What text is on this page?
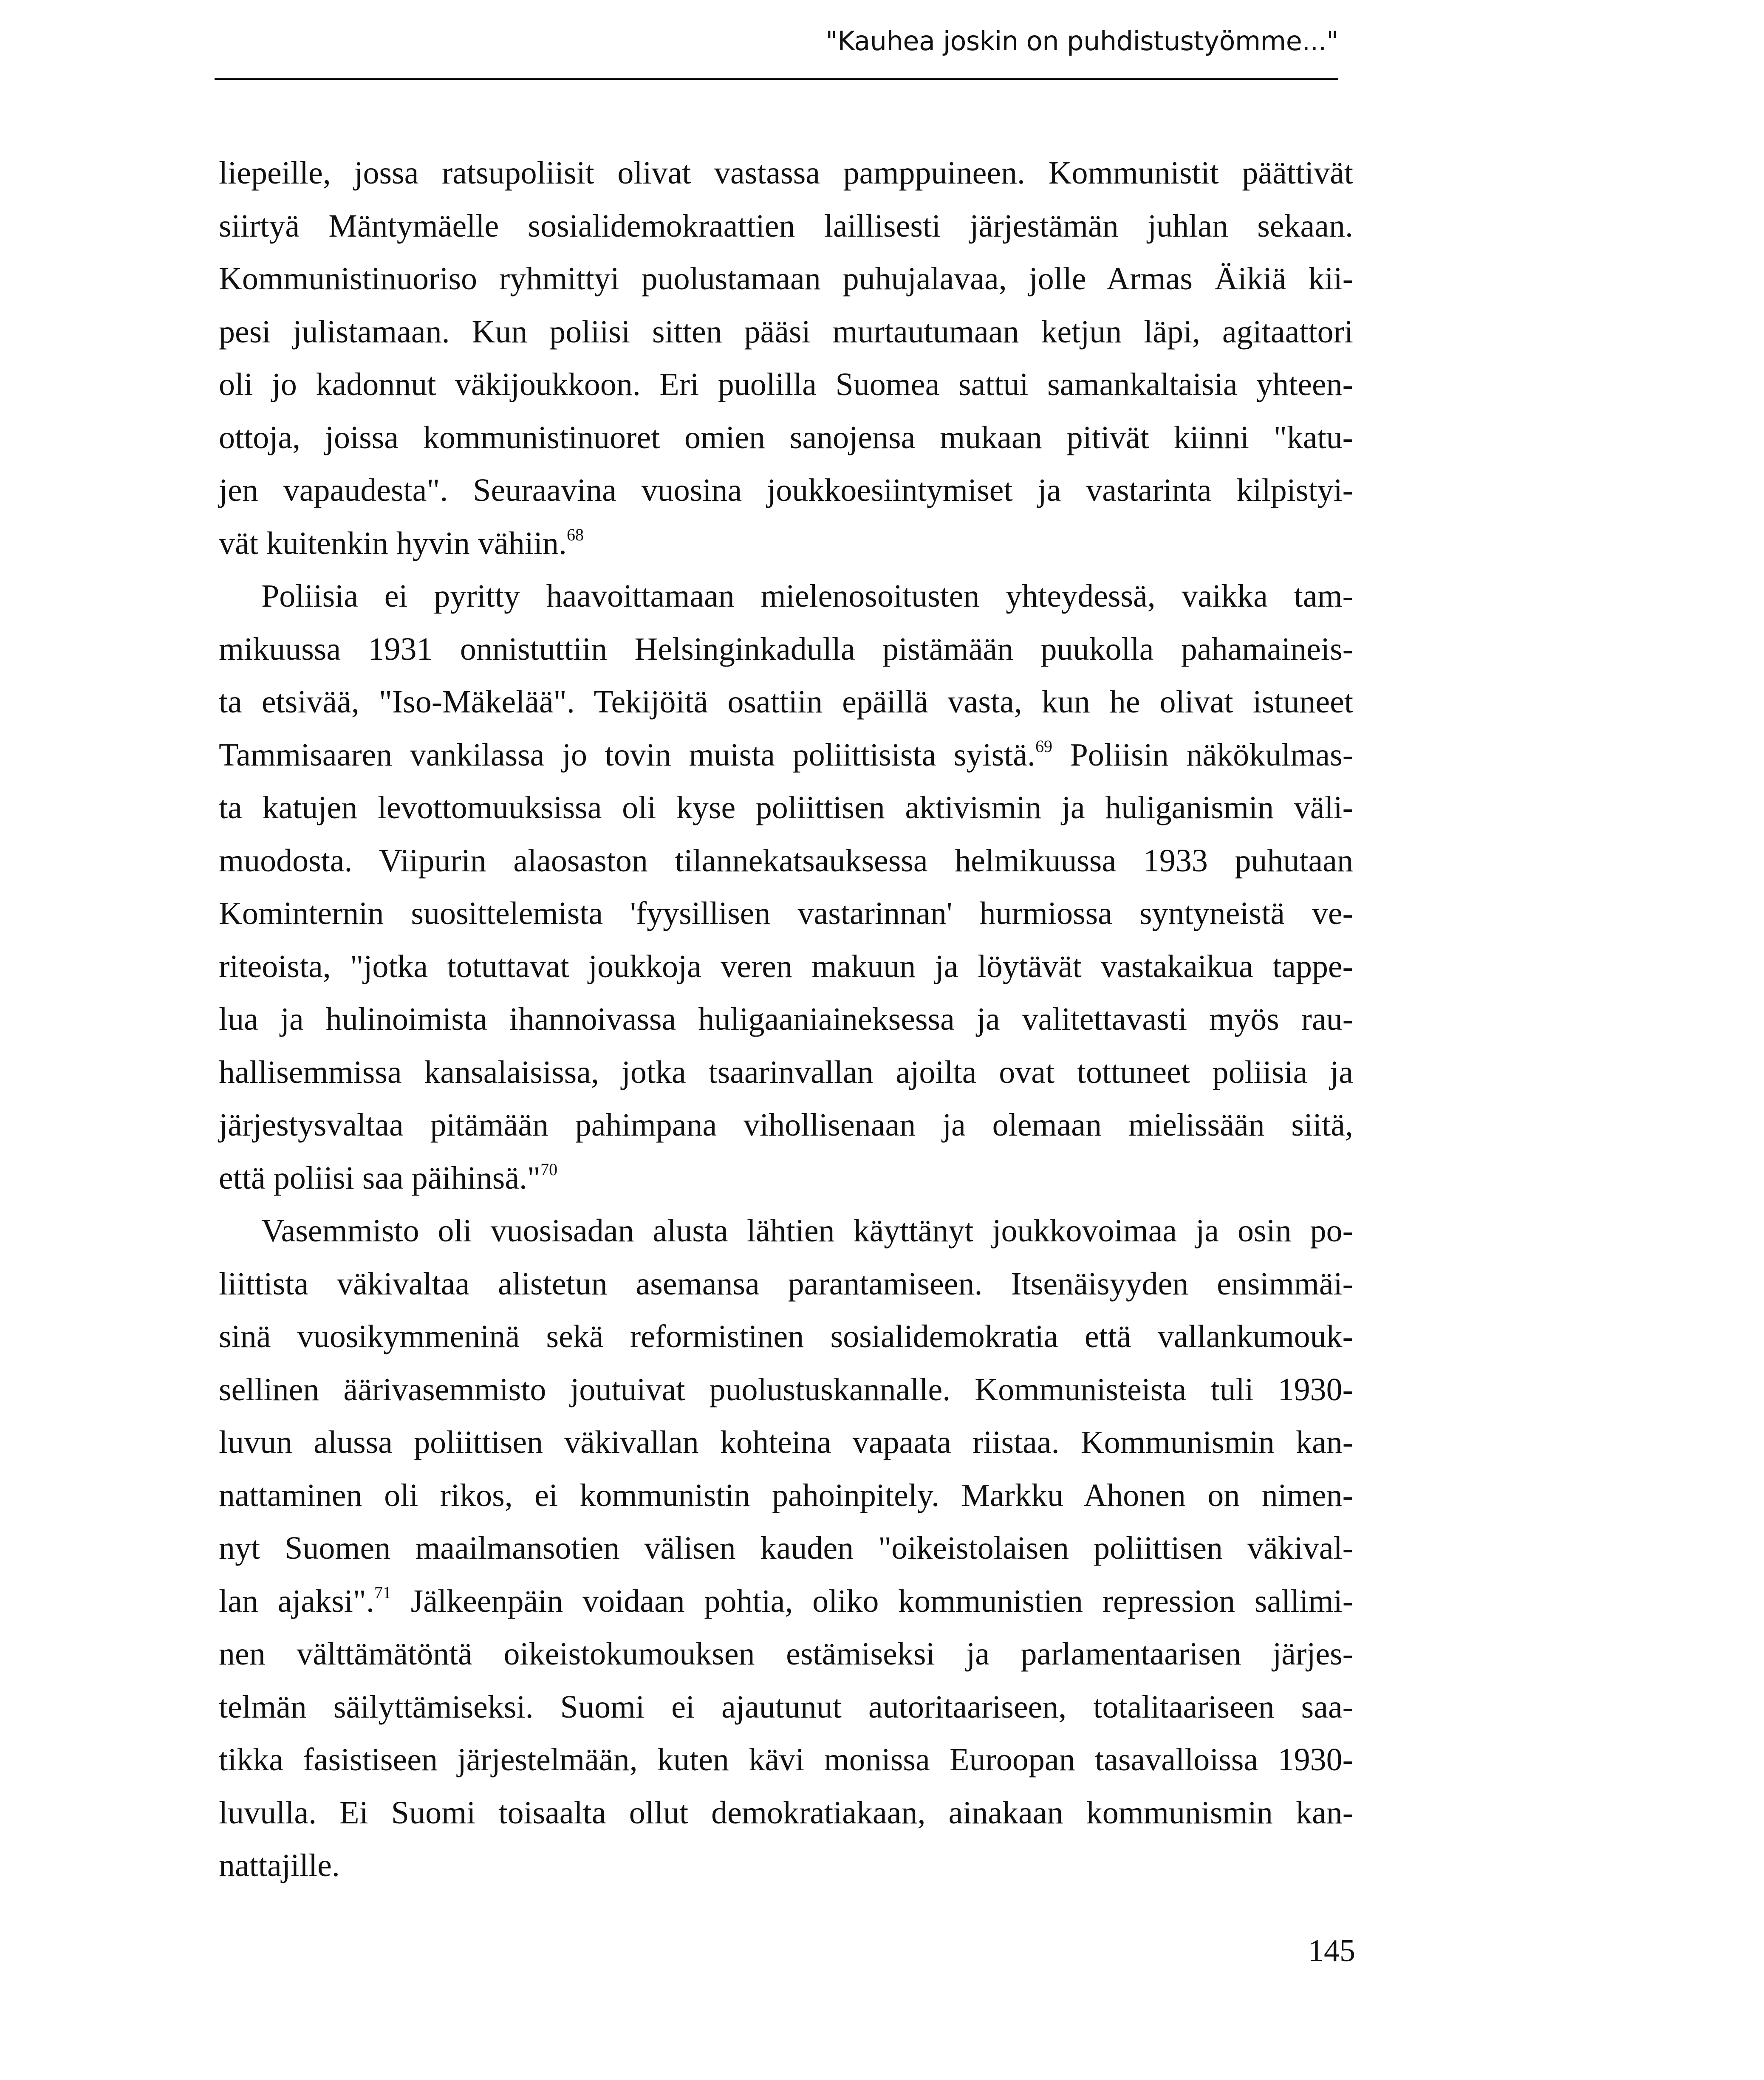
"Kauhea joskin on puhdistustyömme..."
liepeille, jossa ratsupoliisit olivat vastassa pamppuineen. Kommunistit päättivät
siirtyä Mäntymäelle sosialidemokraattien laillisesti järjestämän juhlan sekaan.
Kommunistinuoriso ryhmittyi puolustamaan puhujalavaa, jolle Armas Äikiä kii-
pesi julistamaan. Kun poliisi sitten pääsi murtautumaan ketjun läpi, agitaattori
oli jo kadonnut väkijoukkoon. Eri puolilla Suomea sattui samankaltaisia yhteen-
ottoja, joissa kommunistinuoret omien sanojensa mukaan pitivät kiinni "katu-
jen vapaudesta". Seuraavina vuosina joukkoesiintymiset ja vastarinta kilpistyi-
vät kuitenkin hyvin vähiin.$^{68}$
Poliisia ei pyritty haavoittamaan mielenosoitusten yhteydessä, vaikka tam-
mikuussa 1931 onnistuttiin Helsinginkadulla pistämään puukolla pahamaineis-
ta etsivää, "Iso-Mäkelää". Tekijöitä osattiin epäillä vasta, kun he olivat istuneet
Tammisaaren vankilassa jo tovin muista poliittisista syistä.$^{69}$ Poliisin näkökulmas-
ta katujen levottomuuksissa oli kyse poliittisen aktivismin ja huliganismin väli-
muodosta. Viipurin alaosaston tilannekatsauksessa helmikuussa 1933 puhutaan
Kominternin suosittelemista 'fyysillisen vastarinnan' hurmiossa syntyneistä ve-
riteoista, "jotka totuttavat joukkoja veren makuun ja löytävät vastakaikua tappe-
lua ja hulinoimista ihannoivassa huligaaniaineksessa ja valitettavasti myös rau-
hallisemmissa kansalaisissa, jotka tsaarinvallan ajoilta ovat tottuneet poliisia ja
järjestysvaltaa pitämään pahimpana vihollisenaan ja olemaan mielissään siitä,
että poliisi saa päihinsä."$^{70}$
Vasemmisto oli vuosisadan alusta lähtien käyttänyt joukkovoimaa ja osin po-
liittista väkivaltaa alistetun asemansa parantamiseen. Itsenäisyyden ensimmäi-
sinä vuosikymmeninä sekä reformistinen sosialidemokratia että vallankumouk-
sellinen äärivasemmisto joutuivat puolustuskannalle. Kommunisteista tuli 1930-
luvun alussa poliittisen väkivallan kohteina vapaata riistaa. Kommunismin kan-
nattaminen oli rikos, ei kommunistin pahoinpitely. Markku Ahonen on nimen-
nyt Suomen maailmansotien välisen kauden "oikeistolaisen poliittisen väkival-
lan ajaksi".$^{71}$ Jälkeenpäin voidaan pohtia, oliko kommunistien repression sallimi-
nen välttämätöntä oikeistokumouksen estämiseksi ja parlamentaarisen järjes-
telmän säilyttämiseksi. Suomi ei ajautunut autoritaariseen, totalitaariseen saa-
tikka fasistiseen järjestelmään, kuten kävi monissa Euroopan tasavalloissa 1930-
luvulla. Ei Suomi toisaalta ollut demokratiakaan, ainakaan kommunismin kan-
nattajille.
145
